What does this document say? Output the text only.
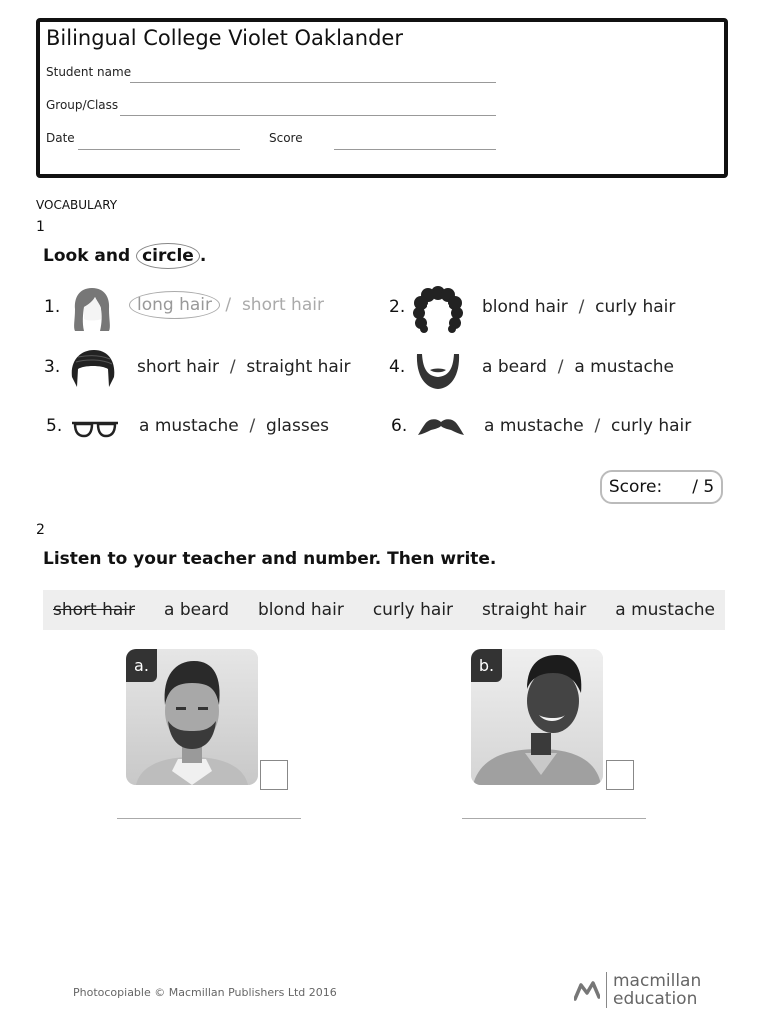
Bilingual College Violet Oaklander
Student name
Group/Class
Date	Score
VOCABULARY
1
Look and circle .
1.	long hair / short hair	2.	blond hair / curly hair
3.	short hair / straight hair 4.	a beard / a mustache
5.	a mustache / glasses	6.	a mustache / curly hair
Score: / 5
2
Listen to your teacher and number. Then write.
short hair a beard blond hair curly hair straight hair a mustache
a.	b.
Photocopiable © Macmillan Publishers Ltd 2016
macmillan
education
